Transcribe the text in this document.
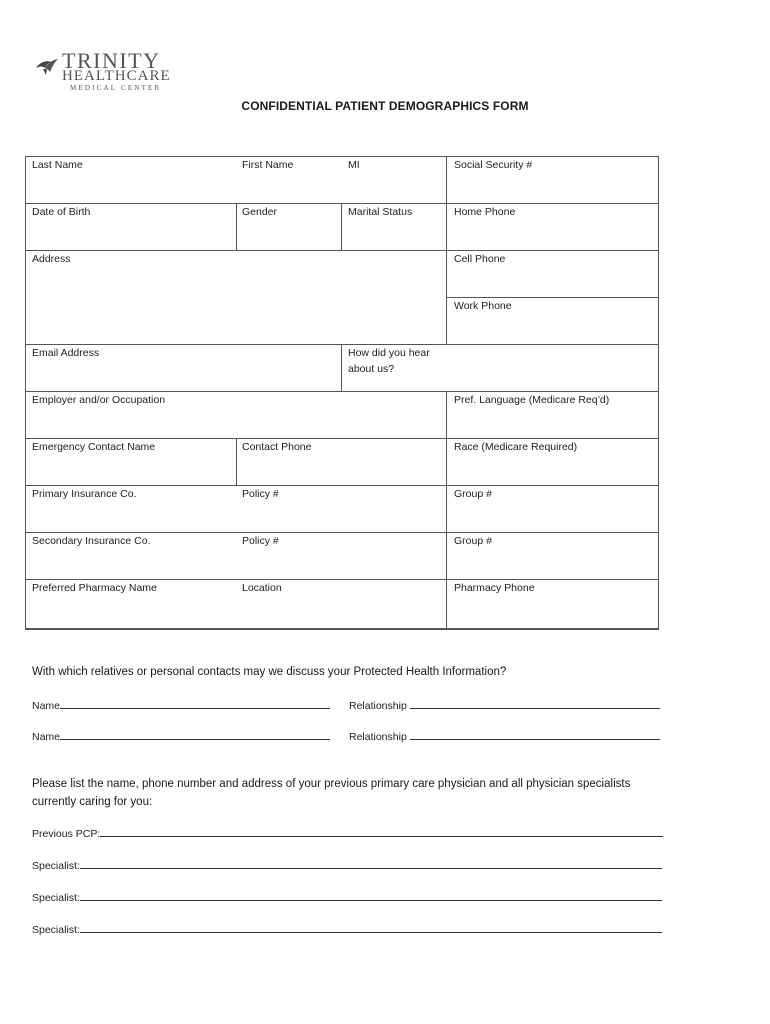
TRINITY
HEALTHCARE
MEDICAL CENTER
CONFIDENTIAL PATIENT DEMOGRAPHICS FORM
Last Name	First Name	MI	Social Security #
Date of Birth	Gender	Marital Status	Home Phone
Address	Cell Phone
Work Phone
Email Address	How did you hear
about us?
Employer and/or Occupation	Pref. Language (Medicare Req’d)
Emergency Contact Name	Contact Phone	Race (Medicare Required)
Primary Insurance Co.	Policy #	Group #
Secondary Insurance Co.	Policy #	Group #
Preferred Pharmacy Name	Location	Pharmacy Phone
With which relatives or personal contacts may we discuss your Protected Health Information?
Name	Relationship
Name	Relationship
Please list the name, phone number and address of your previous primary care physician and all physician specialists
currently caring for you:
Previous PCP:
Specialist:
Specialist:
Specialist:
